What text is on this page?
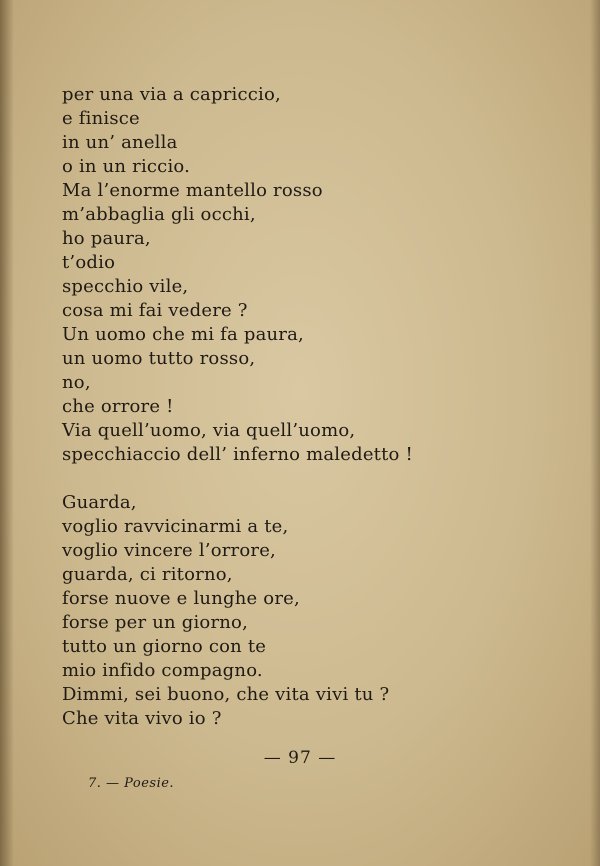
per una via a capriccio,
e finisce
in un’ anella
o in un riccio.
Ma l’enorme mantello rosso
m’abbaglia gli occhi,
ho paura,
t’odio
specchio vile,
cosa mi fai vedere ?
Un uomo che mi fa paura,
un uomo tutto rosso,
no,
che orrore !
Via quell’uomo, via quell’uomo,
specchiaccio dell’ inferno maledetto !
Guarda,
voglio ravvicinarmi a te,
voglio vincere l’orrore,
guarda, ci ritorno,
forse nuove e lunghe ore,
forse per un giorno,
tutto un giorno con te
mio infido compagno.
Dimmi, sei buono, che vita vivi tu ?
Che vita vivo io ?
— 97 —
7. — Poesie.
